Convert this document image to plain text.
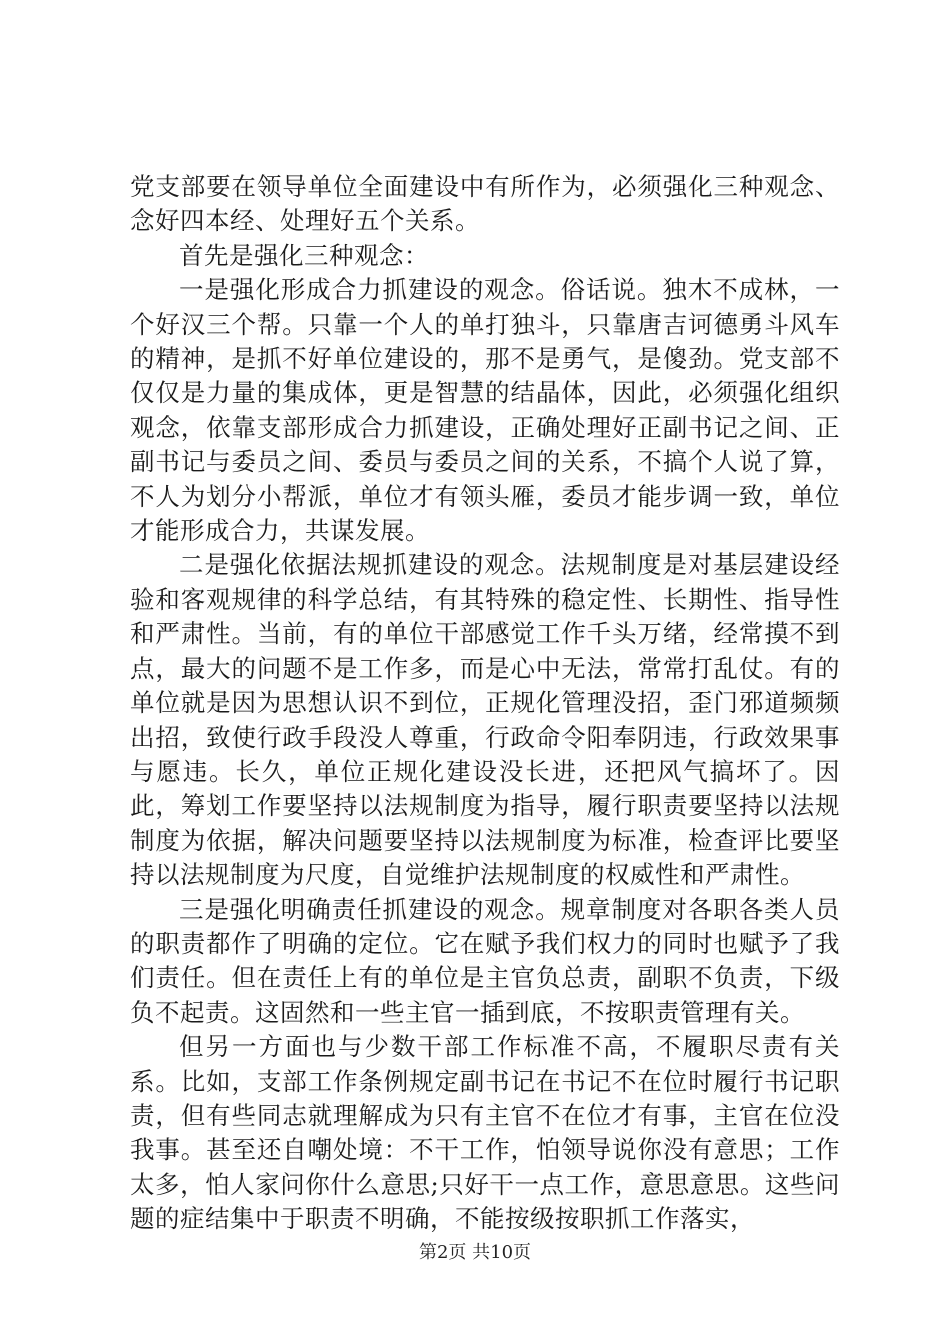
党支部要在领导单位全面建设中有所作为，必须强化三种观念、念好四本经、处理好五个关系。

首先是强化三种观念：

一是强化形成合力抓建设的观念。俗话说。独木不成林，一个好汉三个帮。只靠一个人的单打独斗，只靠唐吉诃德勇斗风车的精神，是抓不好单位建设的，那不是勇气，是傻劲。党支部不仅仅是力量的集成体，更是智慧的结晶体，因此，必须强化组织观念，依靠支部形成合力抓建设，正确处理好正副书记之间、正副书记与委员之间、委员与委员之间的关系，不搞个人说了算，不人为划分小帮派，单位才有领头雁，委员才能步调一致，单位才能形成合力，共谋发展。

二是强化依据法规抓建设的观念。法规制度是对基层建设经验和客观规律的科学总结，有其特殊的稳定性、长期性、指导性和严肃性。当前，有的单位干部感觉工作千头万绪，经常摸不到点，最大的问题不是工作多，而是心中无法，常常打乱仗。有的单位就是因为思想认识不到位，正规化管理没招，歪门邪道频频出招，致使行政手段没人尊重，行政命令阳奉阴违，行政效果事与愿违。长久，单位正规化建设没长进，还把风气搞坏了。因此，筹划工作要坚持以法规制度为指导，履行职责要坚持以法规制度为依据，解决问题要坚持以法规制度为标准，检查评比要坚持以法规制度为尺度，自觉维护法规制度的权威性和严肃性。

三是强化明确责任抓建设的观念。规章制度对各职各类人员的职责都作了明确的定位。它在赋予我们权力的同时也赋予了我们责任。但在责任上有的单位是主官负总责，副职不负责，下级负不起责。这固然和一些主官一插到底，不按职责管理有关。

但另一方面也与少数干部工作标准不高，不履职尽责有关系。比如，支部工作条例规定副书记在书记不在位时履行书记职责，但有些同志就理解成为只有主官不在位才有事，主官在位没我事。甚至还自嘲处境：不干工作，怕领导说你没有意思；工作太多，怕人家问你什么意思;只好干一点工作，意思意思。这些问题的症结集中于职责不明确，不能按级按职抓工作落实，

第2页 共10页
